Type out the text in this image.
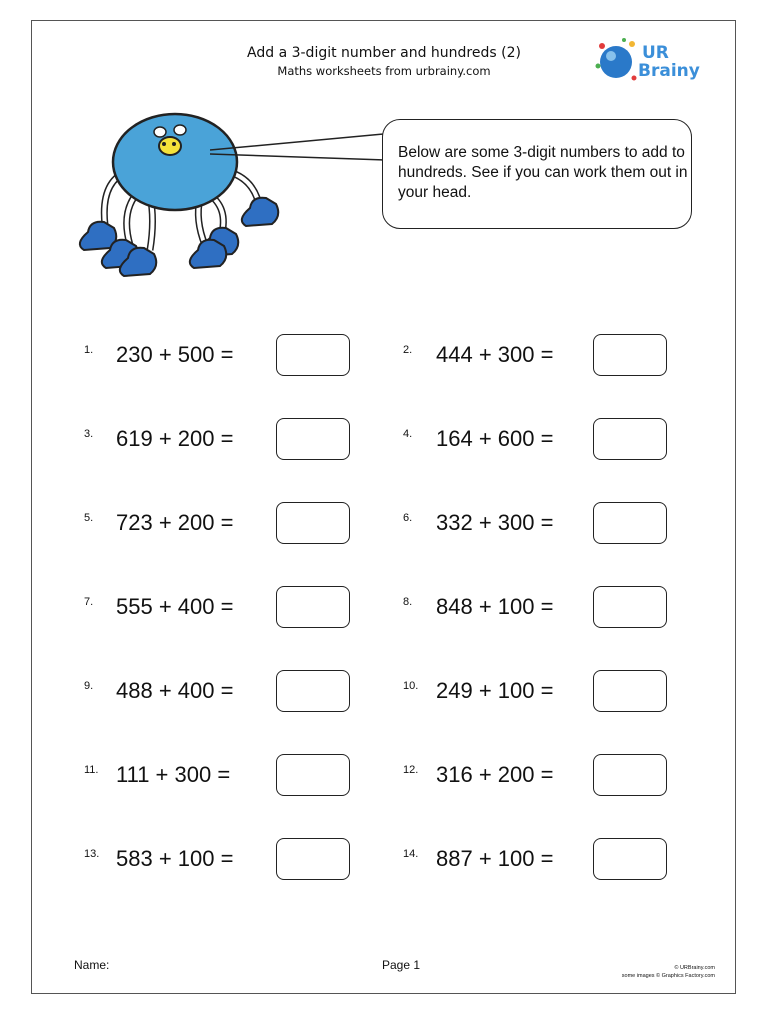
Add a 3-digit number and hundreds (2)
Maths worksheets from urbrainy.com
UR
Brainy
Below are some 3-digit numbers to add to hundreds. See if you can work them out in your head.
1. 230 + 500 =	2. 444 + 300 =
3. 619 + 200 =	4. 164 + 600 =
5. 723 + 200 =	6. 332 + 300 =
7. 555 + 400 =	8. 848 + 100 =
9. 488 + 400 =	10. 249 + 100 =
11. 111 + 300 =	12. 316 + 200 =
13. 583 + 100 =	14. 887 + 100 =
Name:	Page 1	© URBrainy.com
some images © Graphics Factory.com
